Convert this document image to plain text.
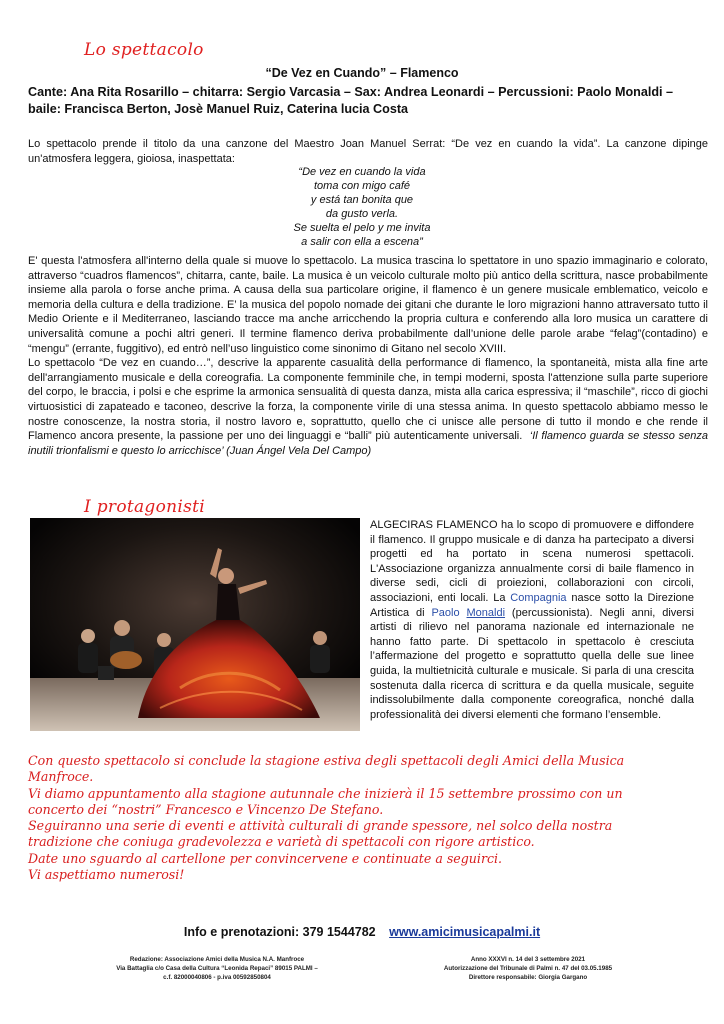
Lo spettacolo
“De Vez en Cuando” – Flamenco
Cante: Ana Rita Rosarillo – chitarra: Sergio Varcasia – Sax: Andrea Leonardi – Percussioni: Paolo Monaldi – baile: Francisca Berton, Josè Manuel Ruiz, Caterina lucia Costa

Lo spettacolo prende il titolo da una canzone del Maestro Joan Manuel Serrat: “De vez en cuando la vida”. La canzone dipinge un'atmosfera leggera, gioiosa, inaspettata:

“De vez en cuando la vida
toma con migo café
y está tan bonita que
da gusto verla.
Se suelta el pelo y me invita
a salir con ella a escena”

E' questa l'atmosfera all'interno della quale si muove lo spettacolo. La musica trascina lo spettatore in uno spazio immaginario e colorato, attraverso “cuadros flamencos”, chitarra, cante, baile. La musica è un veicolo culturale molto più antico della scrittura, nasce probabilmente insieme alla parola o forse anche prima. A causa della sua particolare origine, il flamenco è un genere musicale emblematico, veicolo e memoria della cultura e della tradizione. E’ la musica del popolo nomade dei gitani che durante le loro migrazioni hanno attraversato tutto il Medio Oriente e il Mediterraneo, lasciando tracce ma anche arricchendo la propria cultura e conferendo alla loro musica un carattere di universalità comune a pochi altri generi. Il termine flamenco deriva probabilmente dall’unione delle parole arabe “felag”(contadino) e “mengu” (errante, fuggitivo), ed entrò nell’uso linguistico come sinonimo di Gitano nel secolo XVIII.

Lo spettacolo “De vez en cuando…”, descrive la apparente casualità della performance di flamenco, la spontaneità, mista alla fine arte dell'arrangiamento musicale e della coreografia. La componente femminile che, in tempi moderni, sposta l'attenzione sulla parte superiore del corpo, le braccia, i polsi e che esprime la armonica sensualità di questa danza, mista alla carica espressiva; il “maschile”, ricco di giochi virtuosistici di zapateado e taconeo, descrive la forza, la componente virile di una stessa anima. In questo spettacolo abbiamo messo le nostre conoscenze, la nostra storia, il nostro lavoro e, soprattutto, quello che ci unisce alle persone di tutto il mondo e che rende il Flamenco ancora presente, la passione per uno dei linguaggi e “balli” più autenticamente universali. ‘Il flamenco guarda se stesso senza inutili trionfalismi e questo lo arricchisce’ (Juan Ángel Vela Del Campo)

I protagonisti

ALGECIRAS FLAMENCO ha lo scopo di promuovere e diffondere il flamenco. Il gruppo musicale e di danza ha partecipato a diversi progetti ed ha portato in scena numerosi spettacoli. L'Associazione organizza annualmente corsi di baile flamenco in diverse sedi, cicli di proiezioni, collaborazioni con circoli, associazioni, enti locali. La Compagnia nasce sotto la Direzione Artistica di Paolo Monaldi (percussionista). Negli anni, diversi artisti di rilievo nel panorama nazionale ed internazionale ne hanno fatto parte. Di spettacolo in spettacolo è cresciuta l’affermazione del progetto e soprattutto quella delle sue linee guida, la multietnicità culturale e musicale. Si parla di una crescita sostenuta dalla ricerca di scrittura e da quella musicale, seguite indissolubilmente dalla componente coreografica, nonché dalla professionalità dei diversi elementi che formano l’ensemble.

Con questo spettacolo si conclude la stagione estiva degli spettacoli degli Amici della Musica
Manfroce.
Vi diamo appuntamento alla stagione autunnale che inizierà il 15 settembre prossimo con un
concerto dei “nostri” Francesco e Vincenzo De Stefano.
Seguiranno una serie di eventi e attività culturali di grande spessore, nel solco della nostra
tradizione che coniuga gradevolezza e varietà di spettacoli con rigore artistico.
Date uno sguardo al cartellone per convincervene e continuate a seguirci.
Vi aspettiamo numerosi!
Info e prenotazioni: 379 1544782 www.amicimusicapalmi.it
Redazione: Associazione Amici della Musica N.A. Manfroce
Via Battaglia c/o Casa della Cultura “Leonida Repaci” 89015 PALMI –
c.f. 82000040806 - p.iva 00592850804
Anno XXXVI n. 14 del 3 settembre 2021
Autorizzazione del Tribunale di Palmi n. 47 del 03.05.1985
Direttore responsabile: Giorgia Gargano
